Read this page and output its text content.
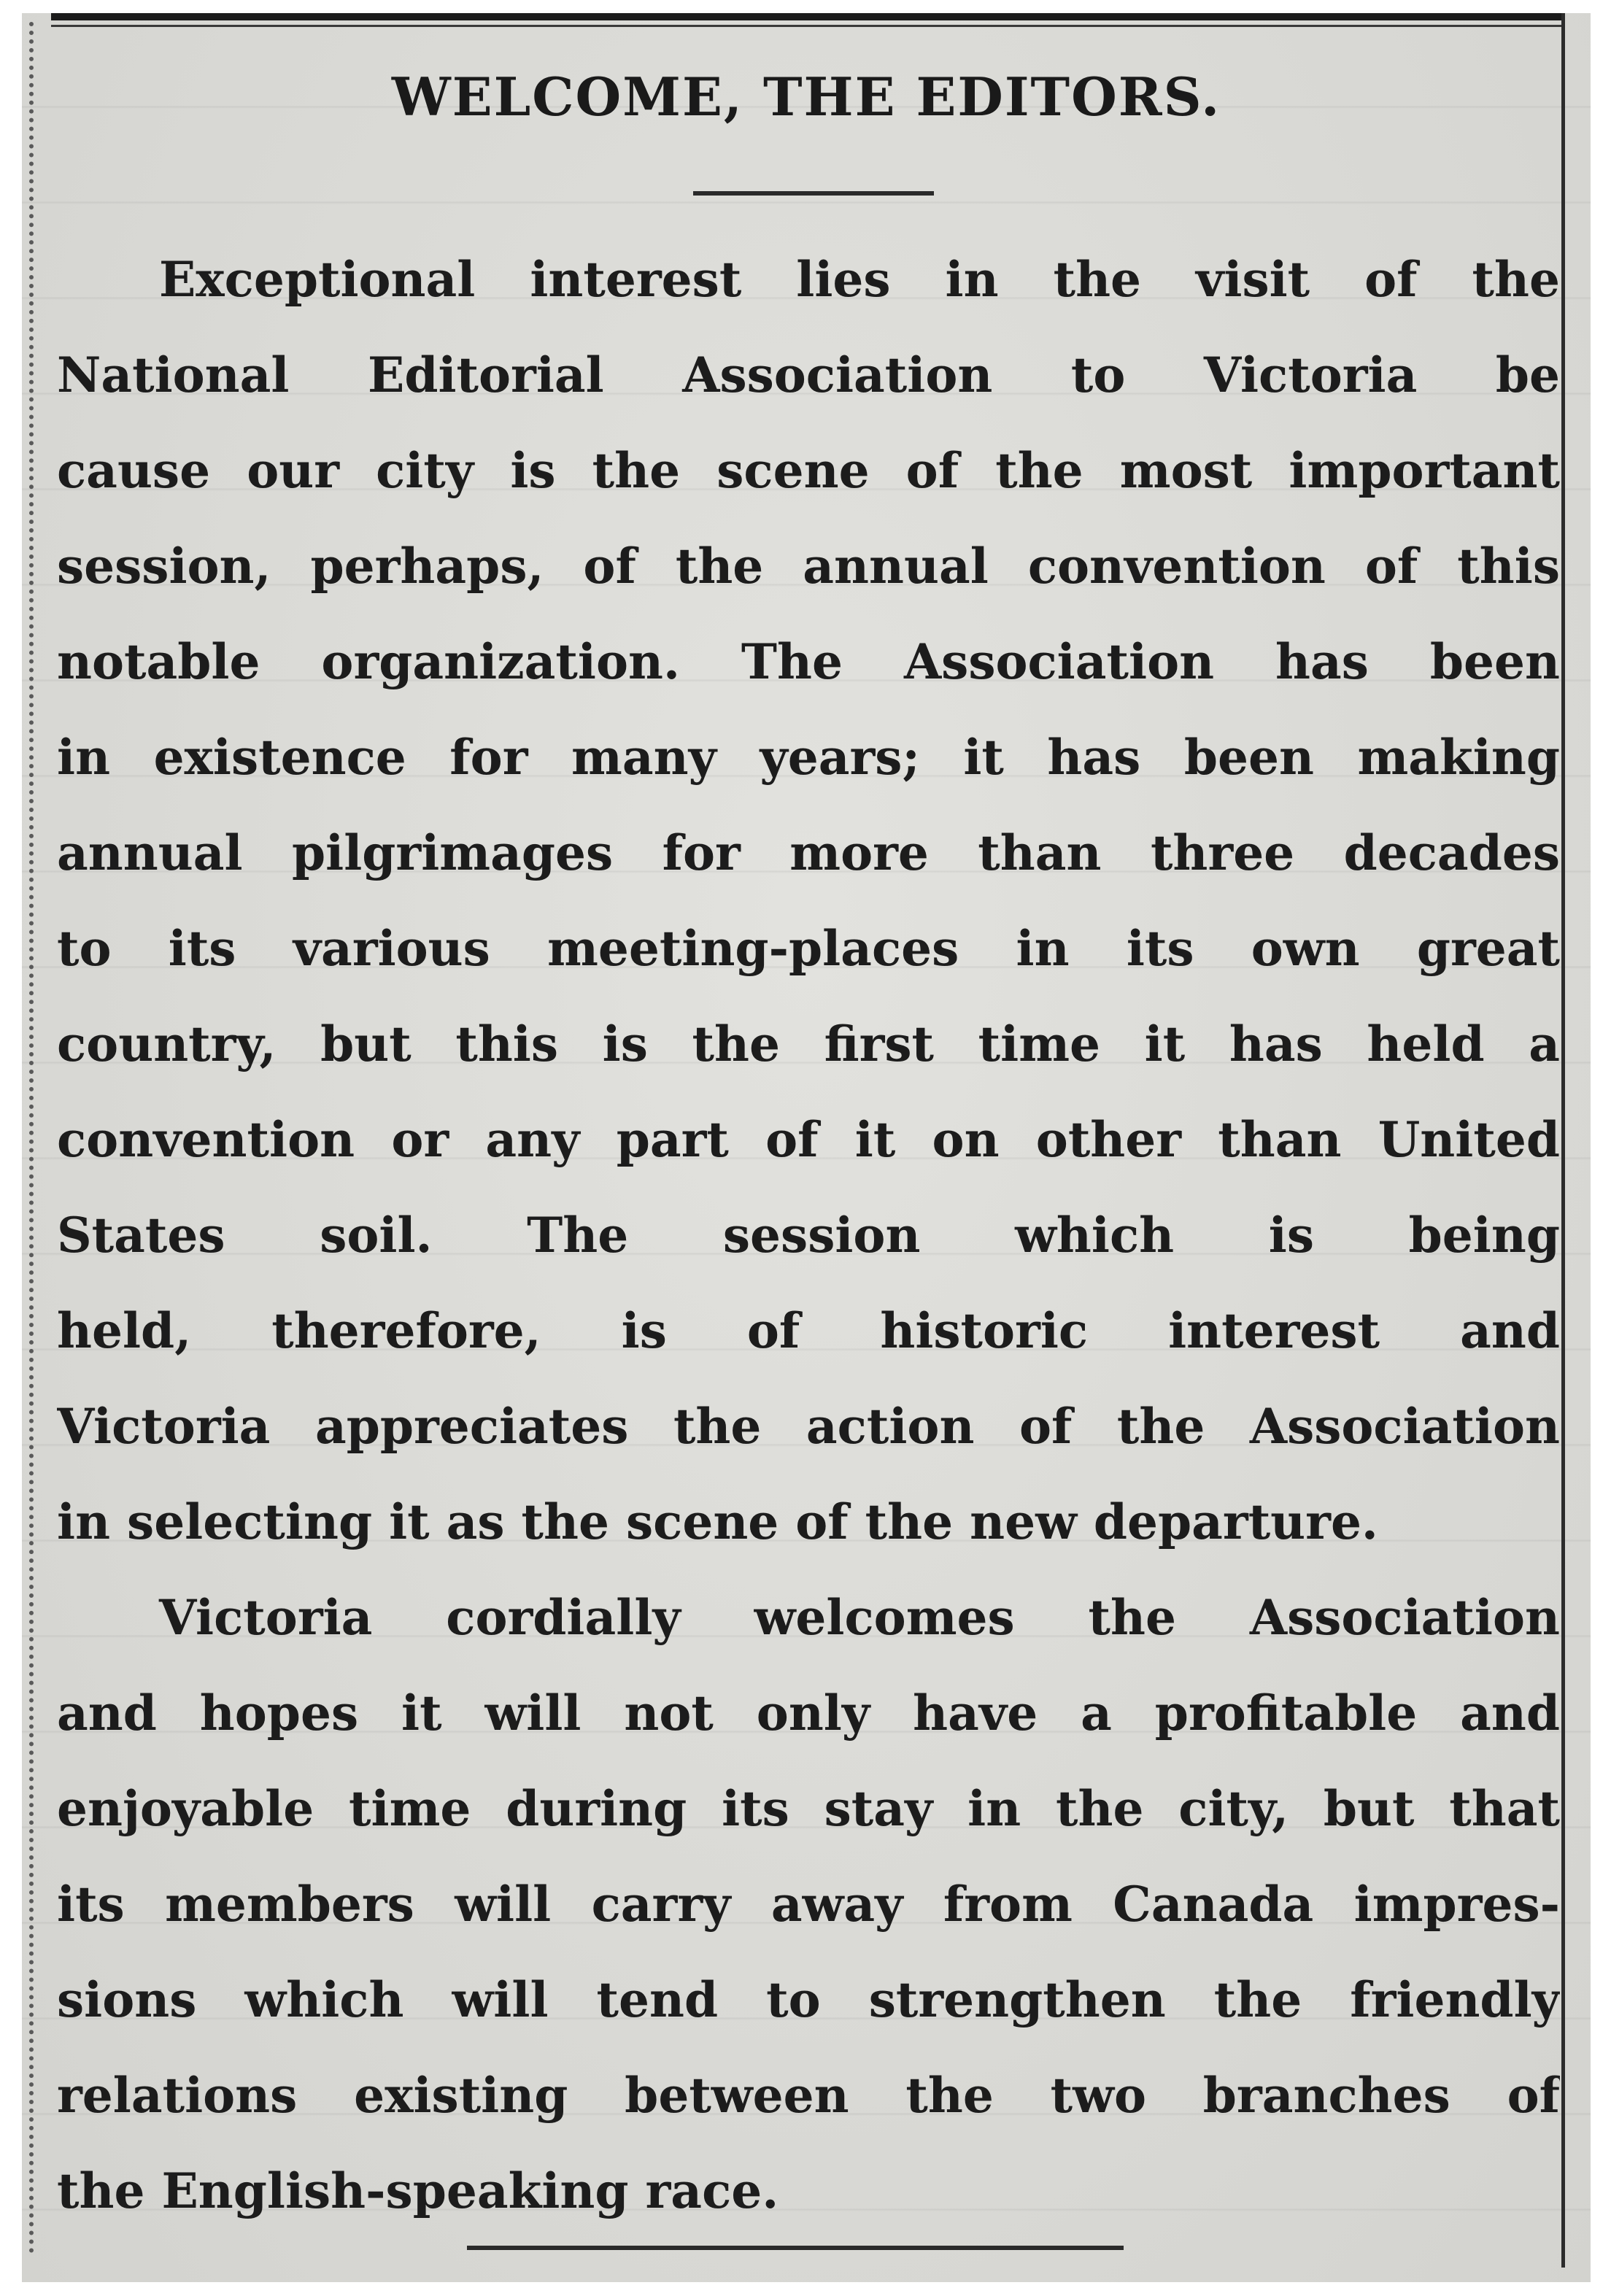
WELCOME, THE EDITORS.
Exceptional interest lies in the visit of the
National Editorial Association to Victoria be
cause our city is the scene of the most important
session, perhaps, of the annual convention of this
notable organization. The Association has been
in existence for many years; it has been making
annual pilgrimages for more than three decades
to its various meeting-places in its own great
country, but this is the first time it has held a
convention or any part of it on other than United
States soil. The session which is being
held, therefore, is of historic interest and
Victoria appreciates the action of the Association
in selecting it as the scene of the new departure.
Victoria cordially welcomes the Association
and hopes it will not only have a profitable and
enjoyable time during its stay in the city, but that
its members will carry away from Canada impres-
sions which will tend to strengthen the friendly
relations existing between the two branches of
the English-speaking race.
